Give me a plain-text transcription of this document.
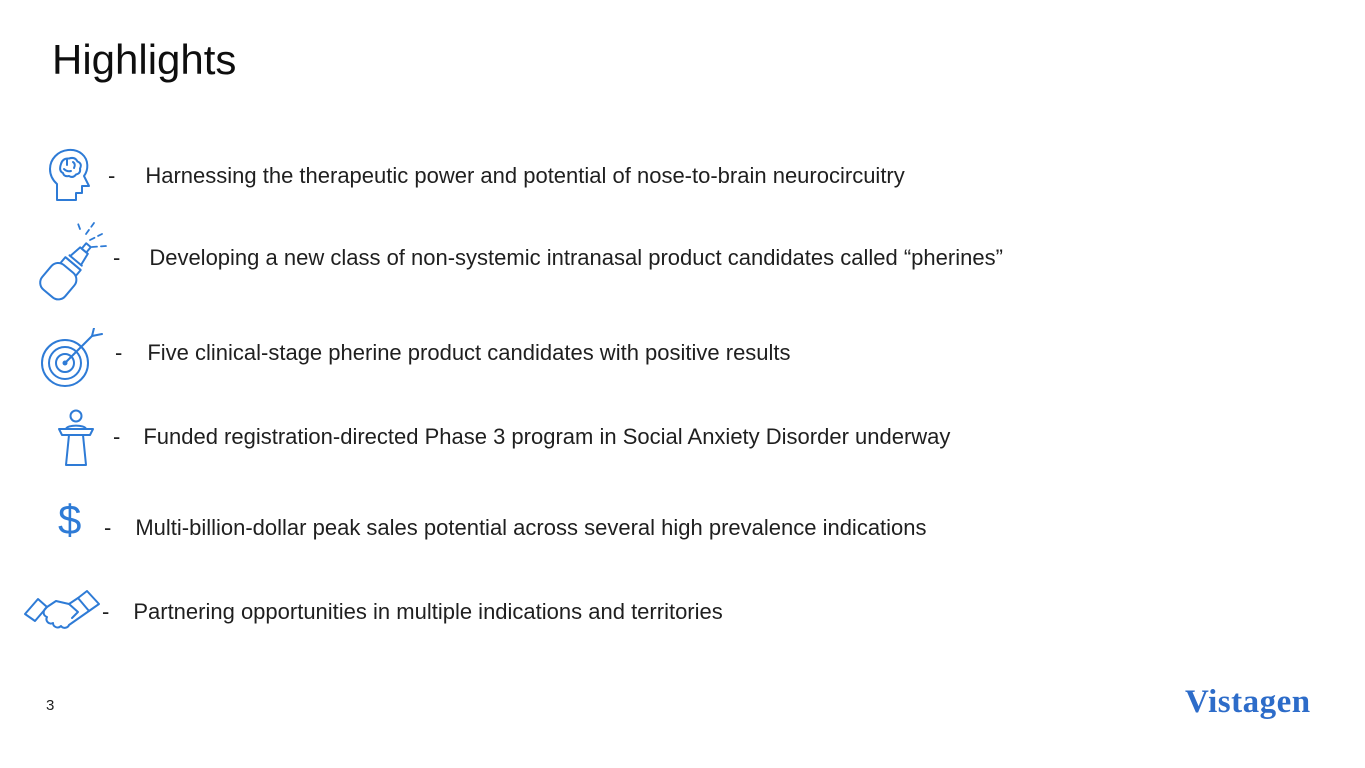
Highlights
- Harnessing the therapeutic power and potential of nose-to-brain neurocircuitry
- Developing a new class of non-systemic intranasal product candidates called “pherines”
- Five clinical-stage pherine product candidates with positive results
- Funded registration-directed Phase 3 program in Social Anxiety Disorder underway
$ - Multi-billion-dollar peak sales potential across several high prevalence indications
- Partnering opportunities in multiple indications and territories
3	Vistagen
